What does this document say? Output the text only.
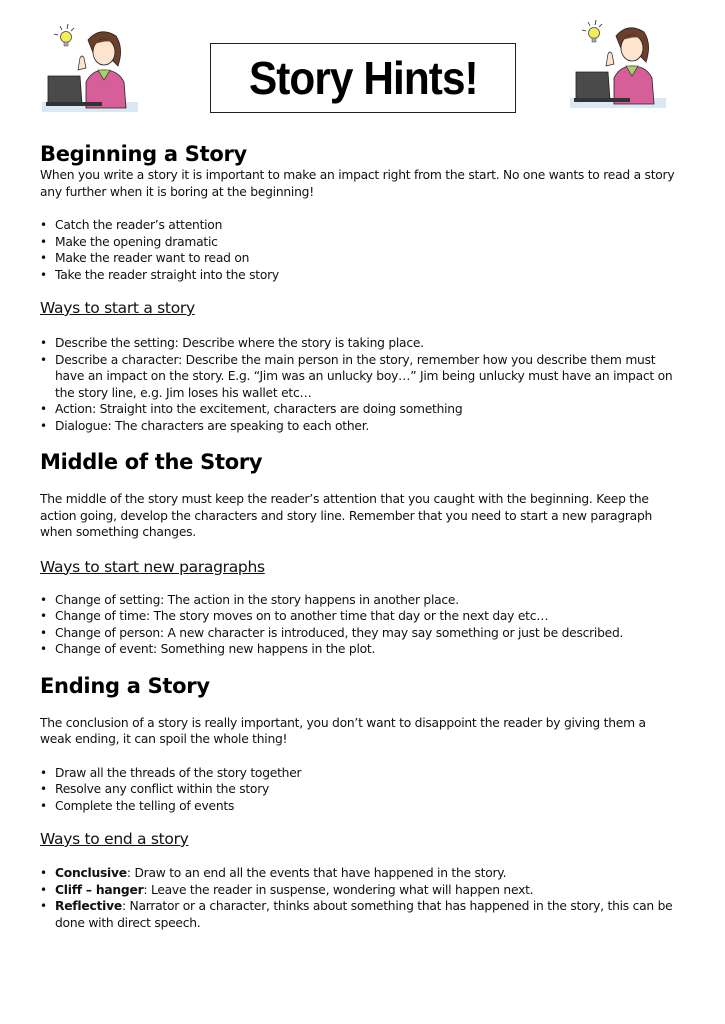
Story Hints!
Beginning a Story

When you write a story it is important to make an impact right from the start. No one wants to read a story any further when it is boring at the beginning!

• Catch the reader’s attention
• Make the opening dramatic
• Make the reader want to read on
• Take the reader straight into the story
Ways to start a story
• Describe the setting: Describe where the story is taking place.
• Describe a character: Describe the main person in the story, remember how you describe them must have an impact on the story. E.g. “Jim was an unlucky boy…” Jim being unlucky must have an impact on the story line, e.g. Jim loses his wallet etc…
• Action: Straight into the excitement, characters are doing something
• Dialogue: The characters are speaking to each other.
Middle of the Story

The middle of the story must keep the reader’s attention that you caught with the beginning. Keep the action going, develop the characters and story line. Remember that you need to start a new paragraph when something changes.

Ways to start new paragraphs
• Change of setting: The action in the story happens in another place.
• Change of time: The story moves on to another time that day or the next day etc…
• Change of person: A new character is introduced, they may say something or just be described.
• Change of event: Something new happens in the plot.
Ending a Story

The conclusion of a story is really important, you don’t want to disappoint the reader by giving them a weak ending, it can spoil the whole thing!

• Draw all the threads of the story together
• Resolve any conflict within the story
• Complete the telling of events
Ways to end a story
• Conclusive: Draw to an end all the events that have happened in the story.
• Cliff – hanger: Leave the reader in suspense, wondering what will happen next.
• Reflective: Narrator or a character, thinks about something that has happened in the story, this can be done with direct speech.
